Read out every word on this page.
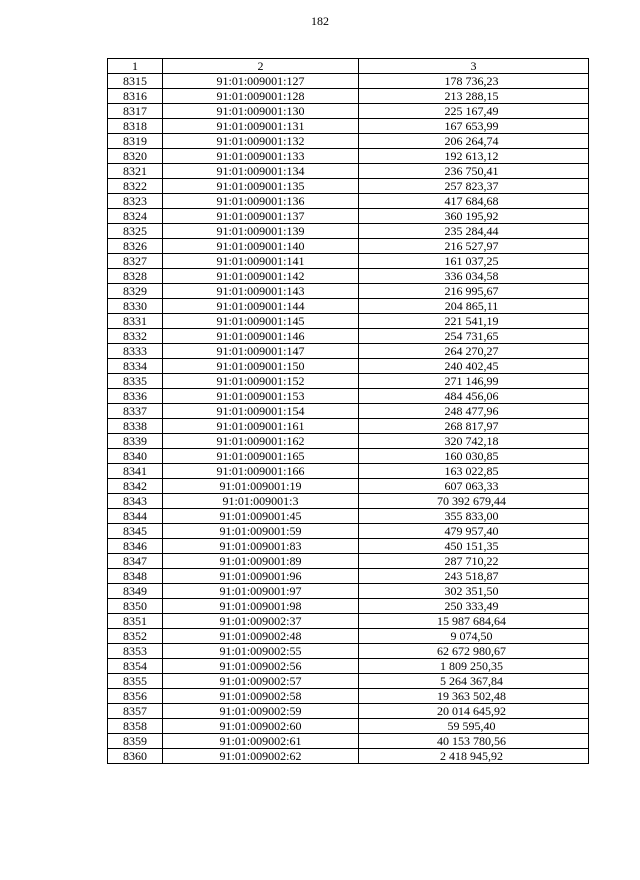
182
1	2	3
8315	91:01:009001:127	178 736,23
8316	91:01:009001:128	213 288,15
8317	91:01:009001:130	225 167,49
8318	91:01:009001:131	167 653,99
8319	91:01:009001:132	206 264,74
8320	91:01:009001:133	192 613,12
8321	91:01:009001:134	236 750,41
8322	91:01:009001:135	257 823,37
8323	91:01:009001:136	417 684,68
8324	91:01:009001:137	360 195,92
8325	91:01:009001:139	235 284,44
8326	91:01:009001:140	216 527,97
8327	91:01:009001:141	161 037,25
8328	91:01:009001:142	336 034,58
8329	91:01:009001:143	216 995,67
8330	91:01:009001:144	204 865,11
8331	91:01:009001:145	221 541,19
8332	91:01:009001:146	254 731,65
8333	91:01:009001:147	264 270,27
8334	91:01:009001:150	240 402,45
8335	91:01:009001:152	271 146,99
8336	91:01:009001:153	484 456,06
8337	91:01:009001:154	248 477,96
8338	91:01:009001:161	268 817,97
8339	91:01:009001:162	320 742,18
8340	91:01:009001:165	160 030,85
8341	91:01:009001:166	163 022,85
8342	91:01:009001:19	607 063,33
8343	91:01:009001:3	70 392 679,44
8344	91:01:009001:45	355 833,00
8345	91:01:009001:59	479 957,40
8346	91:01:009001:83	450 151,35
8347	91:01:009001:89	287 710,22
8348	91:01:009001:96	243 518,87
8349	91:01:009001:97	302 351,50
8350	91:01:009001:98	250 333,49
8351	91:01:009002:37	15 987 684,64
8352	91:01:009002:48	9 074,50
8353	91:01:009002:55	62 672 980,67
8354	91:01:009002:56	1 809 250,35
8355	91:01:009002:57	5 264 367,84
8356	91:01:009002:58	19 363 502,48
8357	91:01:009002:59	20 014 645,92
8358	91:01:009002:60	59 595,40
8359	91:01:009002:61	40 153 780,56
8360	91:01:009002:62	2 418 945,92
